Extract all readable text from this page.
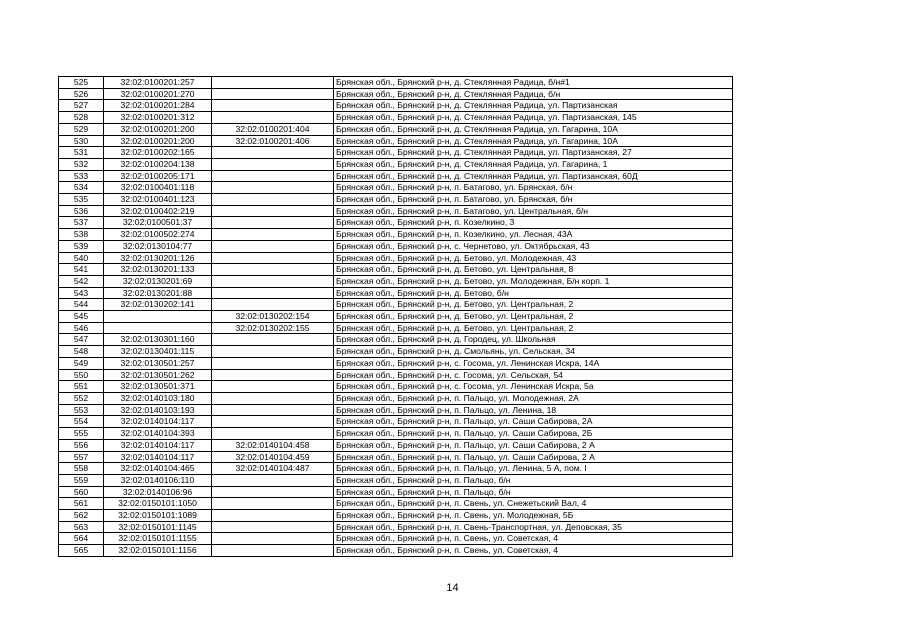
525	32:02:0100201:257		Брянская обл., Брянский р-н, д. Стеклянная Радица, б/н#1
526	32:02:0100201:270		Брянская обл., Брянский р-н, д. Стеклянная Радица, б/н
527	32:02:0100201:284		Брянская обл., Брянский р-н, д. Стеклянная Радица, ул. Партизанская
528	32:02:0100201:312		Брянская обл., Брянский р-н, д. Стеклянная Радица, ул. Партизанская, 145
529	32:02:0100201:200	32:02:0100201:404	Брянская обл., Брянский р-н, д. Стеклянная Радица, ул. Гагарина, 10А
530	32:02:0100201:200	32:02:0100201:406	Брянская обл., Брянский р-н, д. Стеклянная Радица, ул. Гагарина, 10А
531	32:02:0100202:165		Брянская обл., Брянский р-н, д. Стеклянная Радица, ул. Партизанская, 27
532	32:02:0100204:138		Брянская обл., Брянский р-н, д. Стеклянная Радица, ул. Гагарина, 1
533	32:02:0100205:171		Брянская обл., Брянский р-н, д. Стеклянная Радица, ул. Партизанская, 60Д
534	32:02:0100401:118		Брянская обл., Брянский р-н, п. Батагово, ул. Брянская, б/н
535	32:02:0100401:123		Брянская обл., Брянский р-н, п. Батагово, ул. Брянская, б/н
536	32:02:0100402:219		Брянская обл., Брянский р-н, п. Батагово, ул. Центральная, б/н
537	32:02:0100501:37		Брянская обл., Брянский р-н, п. Козелкино, 3
538	32:02:0100502:274		Брянская обл., Брянский р-н, п. Козелкино, ул. Лесная, 43А
539	32:02:0130104:77		Брянская обл., Брянский р-н, с. Чернетово, ул. Октябрьская, 43
540	32:02:0130201:126		Брянская обл., Брянский р-н, д. Бетово, ул. Молодежная, 43
541	32:02:0130201:133		Брянская обл., Брянский р-н, д. Бетово, ул. Центральная, 8
542	32:02:0130201:69		Брянская обл., Брянский р-н, д. Бетово, ул. Молодежная, Б/н корп. 1
543	32:02:0130201:88		Брянская обл., Брянский р-н, д. Бетово, б/н
544	32:02:0130202:141		Брянская обл., Брянский р-н, д. Бетово, ул. Центральная, 2
545		32:02:0130202:154	Брянская обл., Брянский р-н, д. Бетово, ул. Центральная, 2
546		32:02:0130202:155	Брянская обл., Брянский р-н, д. Бетово, ул. Центральная, 2
547	32:02:0130301:160		Брянская обл., Брянский р-н, д. Городец, ул. Школьная
548	32:02:0130401:115		Брянская обл., Брянский р-н, д. Смольянь, ул. Сельская, 34
549	32:02:0130501:257		Брянская обл., Брянский р-н, с. Госома, ул. Ленинская Искра, 14А
550	32:02:0130501:262		Брянская обл., Брянский р-н, с. Госома, ул. Сельская, 54
551	32:02:0130501:371		Брянская обл., Брянский р-н, с. Госома, ул. Ленинская Искра, 5а
552	32:02:0140103:180		Брянская обл., Брянский р-н, п. Пальцо, ул. Молодежная, 2А
553	32:02:0140103:193		Брянская обл., Брянский р-н, п. Пальцо, ул. Ленина, 18
554	32:02:0140104:117		Брянская обл., Брянский р-н, п. Пальцо, ул. Саши Сабирова, 2А
555	32:02:0140104:393		Брянская обл., Брянский р-н, п. Пальцо, ул. Саши Сабирова, 2Б
556	32:02:0140104:117	32:02:0140104:458	Брянская обл., Брянский р-н, п. Пальцо, ул. Саши Сабирова, 2 А
557	32:02:0140104:117	32:02:0140104:459	Брянская обл., Брянский р-н, п. Пальцо, ул. Саши Сабирова, 2 А
558	32:02:0140104:465	32:02:0140104:487	Брянская обл., Брянский р-н, п. Пальцо, ул. Ленина, 5 А, пом. I
559	32:02:0140106:110		Брянская обл., Брянский р-н, п. Пальцо, б/н
560	32:02:0140106:96		Брянская обл., Брянский р-н, п. Пальцо, б/н
561	32:02:0150101:1050		Брянская обл., Брянский р-н, п. Свень, ул. Снежетьский Вал, 4
562	32:02:0150101:1089		Брянская обл., Брянский р-н, п. Свень, ул. Молодежная, 5Б
563	32:02:0150101:1145		Брянская обл., Брянский р-н, п. Свень-Транспортная, ул. Деповская, 35
564	32:02:0150101:1155		Брянская обл., Брянский р-н, п. Свень, ул. Советская, 4
565	32:02:0150101:1156		Брянская обл., Брянский р-н, п. Свень, ул. Советская, 4
14
